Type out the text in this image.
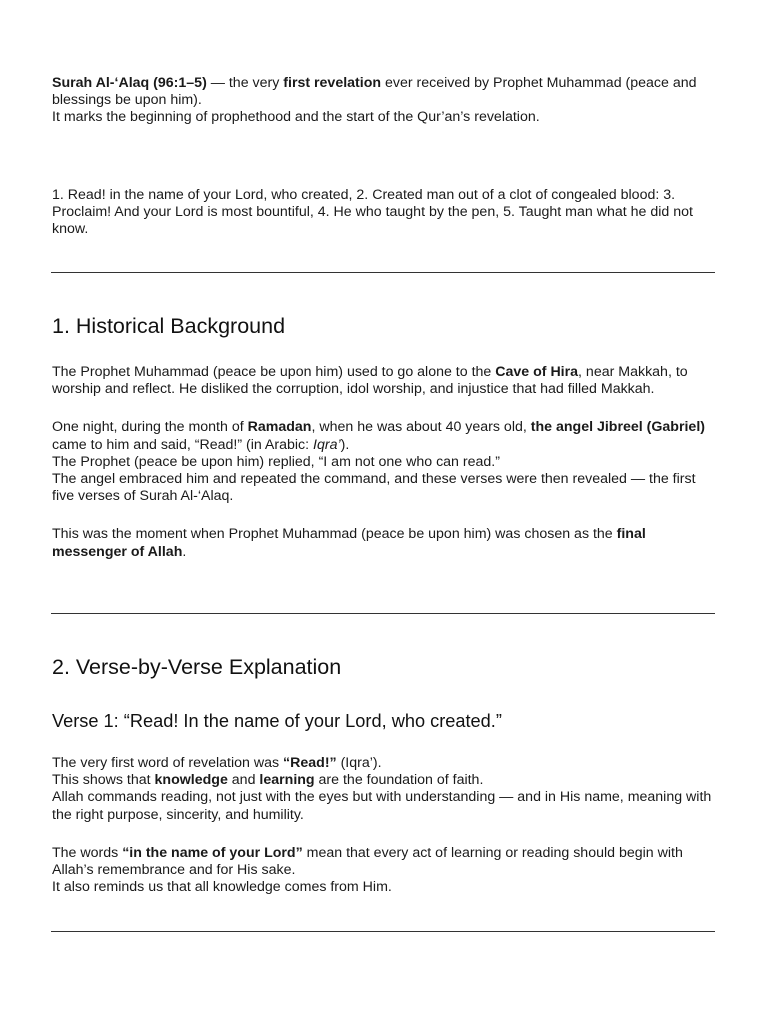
Surah Al-‘Alaq (96:1–5) — the very first revelation ever received by Prophet Muhammad (peace and blessings be upon him).

It marks the beginning of prophethood and the start of the Qur’an’s revelation.

1. Read! in the name of your Lord, who created, 2. Created man out of a clot of congealed blood: 3. Proclaim! And your Lord is most bountiful, 4. He who taught by the pen, 5. Taught man what he did not know.

1. Historical Background

The Prophet Muhammad (peace be upon him) used to go alone to the Cave of Hira, near Makkah, to worship and reflect. He disliked the corruption, idol worship, and injustice that had filled Makkah.

One night, during the month of Ramadan, when he was about 40 years old, the angel Jibreel (Gabriel) came to him and said, “Read!” (in Arabic: Iqra’).

The Prophet (peace be upon him) replied, “I am not one who can read.”

The angel embraced him and repeated the command, and these verses were then revealed — the first five verses of Surah Al-‘Alaq.

This was the moment when Prophet Muhammad (peace be upon him) was chosen as the final messenger of Allah.

2. Verse-by-Verse Explanation
Verse 1: “Read! In the name of your Lord, who created.”

The very first word of revelation was “Read!” (Iqra’).

This shows that knowledge and learning are the foundation of faith.

Allah commands reading, not just with the eyes but with understanding — and in His name, meaning with the right purpose, sincerity, and humility.

The words “in the name of your Lord” mean that every act of learning or reading should begin with Allah’s remembrance and for His sake.

It also reminds us that all knowledge comes from Him.
